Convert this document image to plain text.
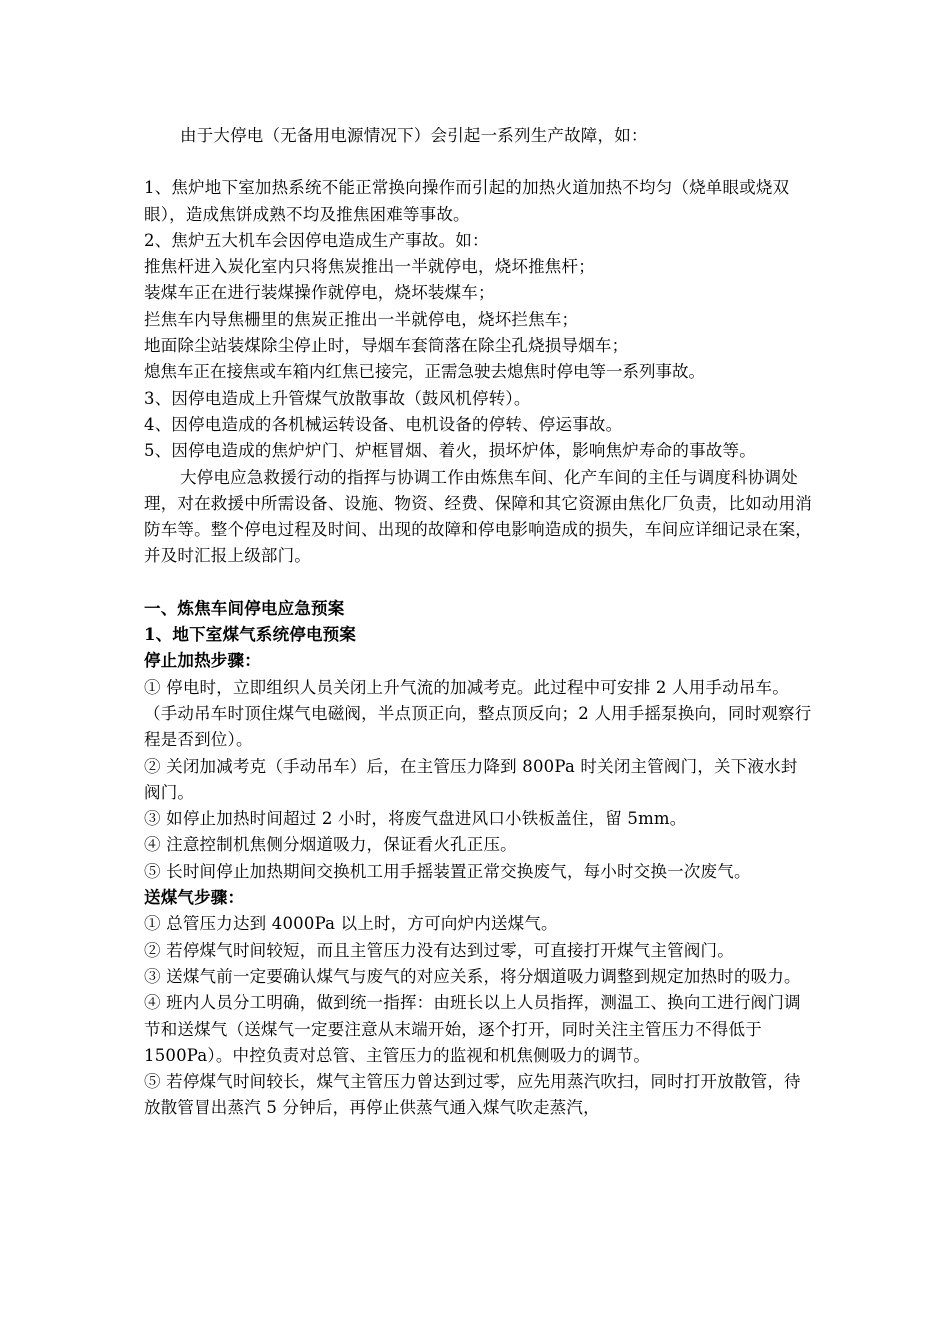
由于大停电（无备用电源情况下）会引起一系列生产故障，如：
1、焦炉地下室加热系统不能正常换向操作而引起的加热火道加热不均匀（烧单眼或烧双眼），造成焦饼成熟不均及推焦困难等事故。
2、焦炉五大机车会因停电造成生产事故。如：
推焦杆进入炭化室内只将焦炭推出一半就停电，烧坏推焦杆；
装煤车正在进行装煤操作就停电，烧坏装煤车；
拦焦车内导焦栅里的焦炭正推出一半就停电，烧坏拦焦车；
地面除尘站装煤除尘停止时，导烟车套筒落在除尘孔烧损导烟车；
熄焦车正在接焦或车箱内红焦已接完，正需急驶去熄焦时停电等一系列事故。
3、因停电造成上升管煤气放散事故（鼓风机停转）。
4、因停电造成的各机械运转设备、电机设备的停转、停运事故。
5、因停电造成的焦炉炉门、炉框冒烟、着火，损坏炉体，影响焦炉寿命的事故等。
大停电应急救援行动的指挥与协调工作由炼焦车间、化产车间的主任与调度科协调处理，对在救援中所需设备、设施、物资、经费、保障和其它资源由焦化厂负责，比如动用消防车等。整个停电过程及时间、出现的故障和停电影响造成的损失，车间应详细记录在案，并及时汇报上级部门。
一、炼焦车间停电应急预案
1、地下室煤气系统停电预案
停止加热步骤：
① 停电时，立即组织人员关闭上升气流的加减考克。此过程中可安排 2 人用手动吊车。（手动吊车时顶住煤气电磁阀，半点顶正向，整点顶反向；2 人用手摇泵换向，同时观察行程是否到位）。
② 关闭加减考克（手动吊车）后，在主管压力降到 800Pa 时关闭主管阀门，关下液水封阀门。
③ 如停止加热时间超过 2 小时，将废气盘进风口小铁板盖住，留 5mm。
④ 注意控制机焦侧分烟道吸力，保证看火孔正压。
⑤ 长时间停止加热期间交换机工用手摇装置正常交换废气，每小时交换一次废气。
送煤气步骤：
① 总管压力达到 4000Pa 以上时，方可向炉内送煤气。
② 若停煤气时间较短，而且主管压力没有达到过零，可直接打开煤气主管阀门。
③ 送煤气前一定要确认煤气与废气的对应关系，将分烟道吸力调整到规定加热时的吸力。
④ 班内人员分工明确，做到统一指挥：由班长以上人员指挥，测温工、换向工进行阀门调节和送煤气（送煤气一定要注意从末端开始，逐个打开，同时关注主管压力不得低于 1500Pa）。中控负责对总管、主管压力的监视和机焦侧吸力的调节。
⑤ 若停煤气时间较长，煤气主管压力曾达到过零，应先用蒸汽吹扫，同时打开放散管，待放散管冒出蒸汽 5 分钟后，再停止供蒸气通入煤气吹走蒸汽，
